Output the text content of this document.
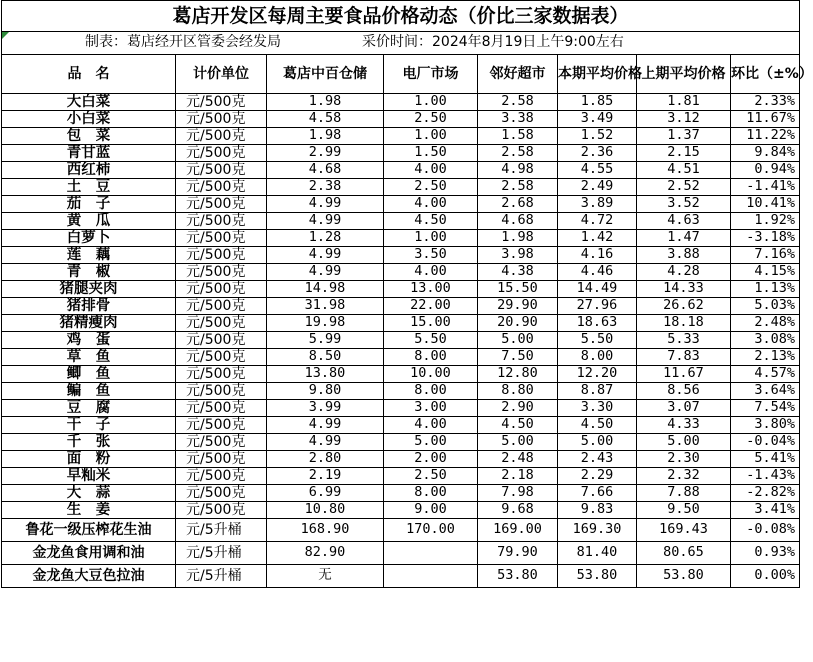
葛店开发区每周主要食品价格动态（价比三家数据表）							

制表：葛店经开区管委会经发局 采价时间：2024年8月19日上午9:00左右							

品　名	计价单位	葛店中百仓储	电厂市场	邻好超市	本期平均价格	上期平均价格	环比（±%）
大白菜	元/500克	1.98	1.00	2.58	1.85	1.81	2.33%
小白菜	元/500克	4.58	2.50	3.38	3.49	3.12	11.67%
包　菜	元/500克	1.98	1.00	1.58	1.52	1.37	11.22%
青甘蓝	元/500克	2.99	1.50	2.58	2.36	2.15	9.84%
西红柿	元/500克	4.68	4.00	4.98	4.55	4.51	0.94%
土　豆	元/500克	2.38	2.50	2.58	2.49	2.52	-1.41%
茄　子	元/500克	4.99	4.00	2.68	3.89	3.52	10.41%
黄　瓜	元/500克	4.99	4.50	4.68	4.72	4.63	1.92%
白萝卜	元/500克	1.28	1.00	1.98	1.42	1.47	-3.18%
莲　藕	元/500克	4.99	3.50	3.98	4.16	3.88	7.16%
青　椒	元/500克	4.99	4.00	4.38	4.46	4.28	4.15%
猪腿夹肉	元/500克	14.98	13.00	15.50	14.49	14.33	1.13%
猪排骨	元/500克	31.98	22.00	29.90	27.96	26.62	5.03%
猪精瘦肉	元/500克	19.98	15.00	20.90	18.63	18.18	2.48%
鸡　蛋	元/500克	5.99	5.50	5.00	5.50	5.33	3.08%
草　鱼	元/500克	8.50	8.00	7.50	8.00	7.83	2.13%
鲫　鱼	元/500克	13.80	10.00	12.80	12.20	11.67	4.57%
鳊　鱼	元/500克	9.80	8.00	8.80	8.87	8.56	3.64%
豆　腐	元/500克	3.99	3.00	2.90	3.30	3.07	7.54%
干　子	元/500克	4.99	4.00	4.50	4.50	4.33	3.80%
千　张	元/500克	4.99	5.00	5.00	5.00	5.00	-0.04%
面　粉	元/500克	2.80	2.00	2.48	2.43	2.30	5.41%
早籼米	元/500克	2.19	2.50	2.18	2.29	2.32	-1.43%
大　蒜	元/500克	6.99	8.00	7.98	7.66	7.88	-2.82%
生　姜	元/500克	10.80	9.00	9.68	9.83	9.50	3.41%
鲁花一级压榨花生油	元/5升桶	168.90	170.00	169.00	169.30	169.43	-0.08%
金龙鱼食用调和油	元/5升桶	82.90		79.90	81.40	80.65	0.93%
金龙鱼大豆色拉油	元/5升桶	无		53.80	53.80	53.80	0.00%
